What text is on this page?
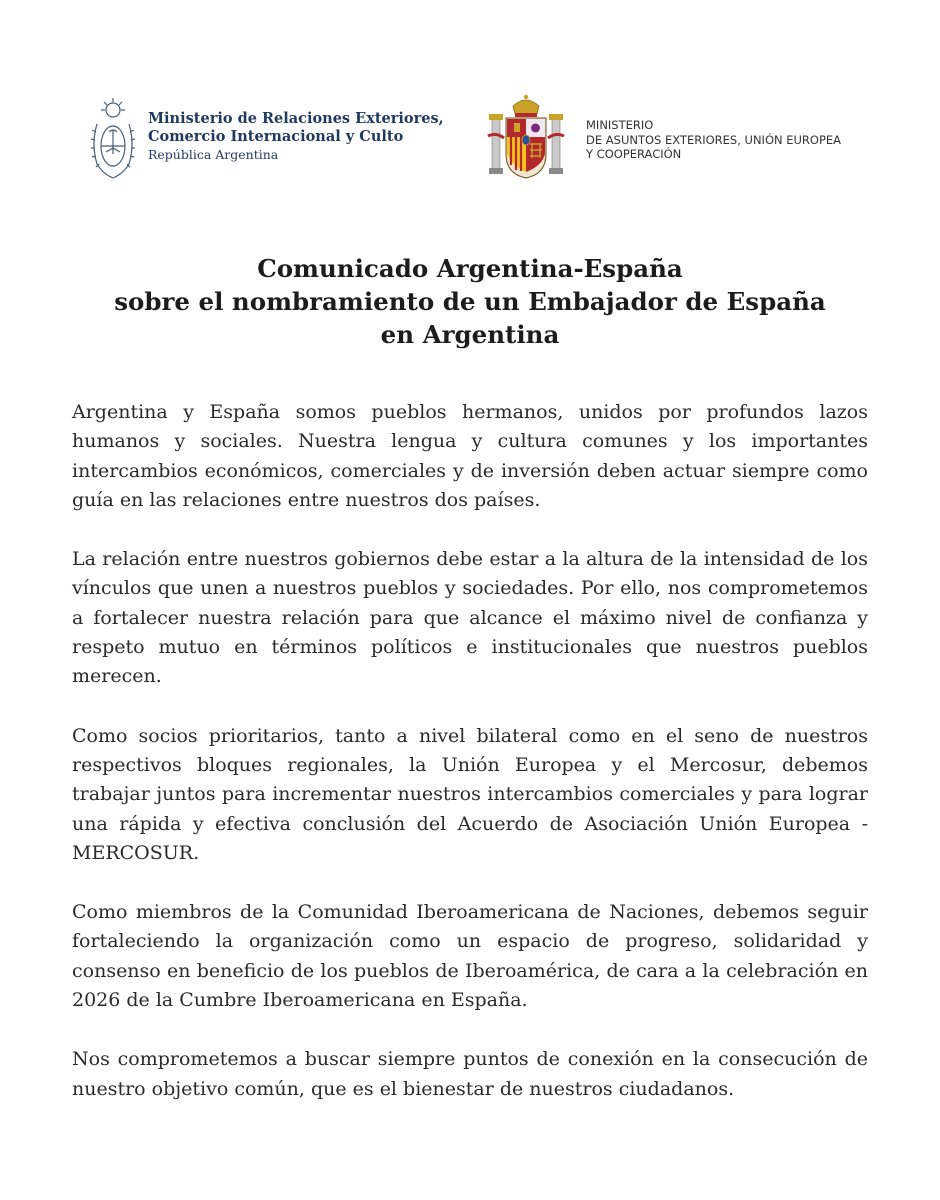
Ministerio de Relaciones Exteriores,
Comercio Internacional y Culto
República Argentina
MINISTERIO
DE ASUNTOS EXTERIORES, UNIÓN EUROPEA
Y COOPERACIÓN
Comunicado Argentina-España
sobre el nombramiento de un Embajador de España
en Argentina

Argentina y España somos pueblos hermanos, unidos por profundos lazos humanos y sociales. Nuestra lengua y cultura comunes y los importantes intercambios económicos, comerciales y de inversión deben actuar siempre como guía en las relaciones entre nuestros dos países.

La relación entre nuestros gobiernos debe estar a la altura de la intensidad de los vínculos que unen a nuestros pueblos y sociedades. Por ello, nos comprometemos a fortalecer nuestra relación para que alcance el máximo nivel de confianza y respeto mutuo en términos políticos e institucionales que nuestros pueblos merecen.

Como socios prioritarios, tanto a nivel bilateral como en el seno de nuestros respectivos bloques regionales, la Unión Europea y el Mercosur, debemos trabajar juntos para incrementar nuestros intercambios comerciales y para lograr una rápida y efectiva conclusión del Acuerdo de Asociación Unión Europea - MERCOSUR.

Como miembros de la Comunidad Iberoamericana de Naciones, debemos seguir fortaleciendo la organización como un espacio de progreso, solidaridad y consenso en beneficio de los pueblos de Iberoamérica, de cara a la celebración en 2026 de la Cumbre Iberoamericana en España.

Nos comprometemos a buscar siempre puntos de conexión en la consecución de nuestro objetivo común, que es el bienestar de nuestros ciudadanos.
